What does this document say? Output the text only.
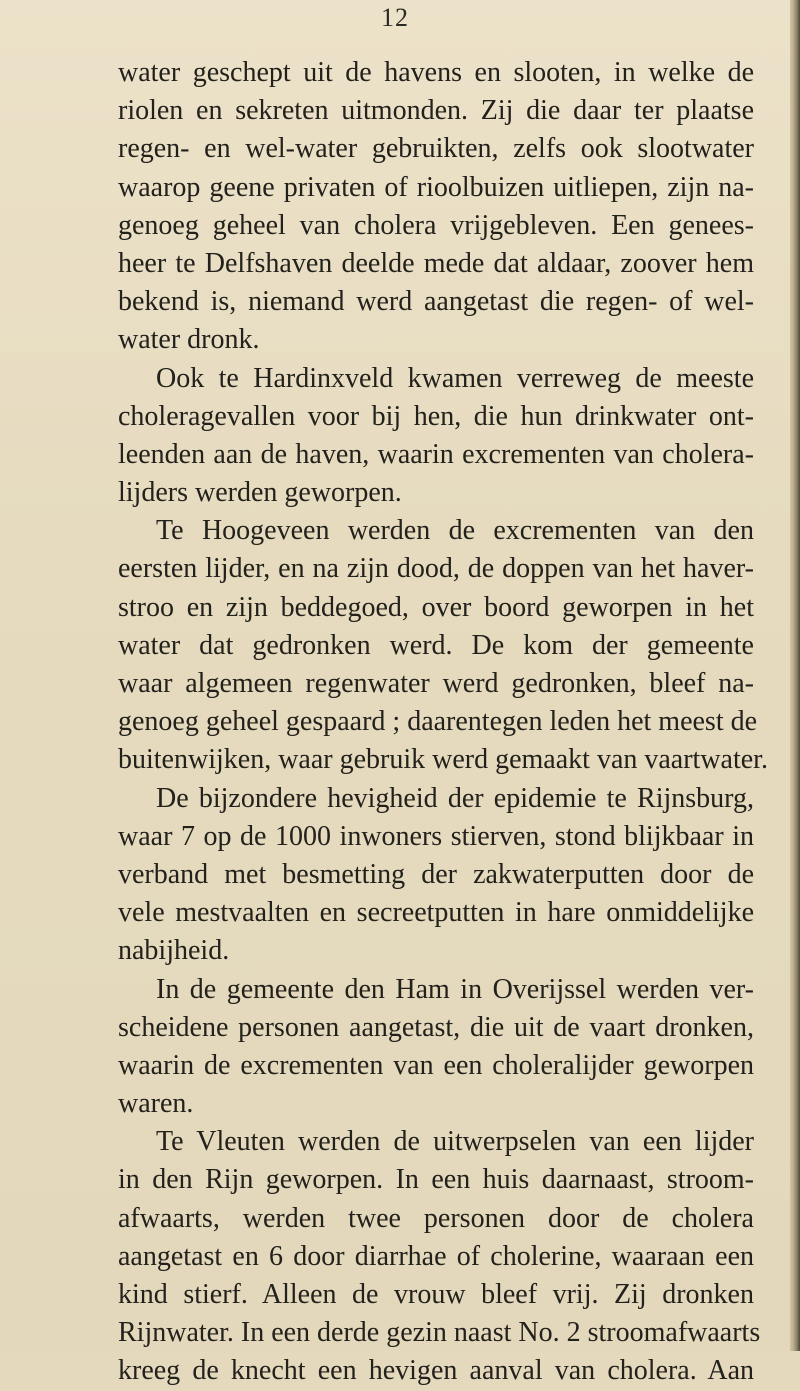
12
water geschept uit de havens en slooten, in welke de
riolen en sekreten uitmonden. Zij die daar ter plaatse
regen- en wel-water gebruikten, zelfs ook slootwater
waarop geene privaten of rioolbuizen uitliepen, zijn na-
genoeg geheel van cholera vrijgebleven. Een genees-
heer te Delfshaven deelde mede dat aldaar, zoover hem
bekend is, niemand werd aangetast die regen- of wel-
water dronk.
Ook te Hardinxveld kwamen verreweg de meeste
choleragevallen voor bij hen, die hun drinkwater ont-
leenden aan de haven, waarin excrementen van cholera-
lijders werden geworpen.
Te Hoogeveen werden de excrementen van den
eersten lijder, en na zijn dood, de doppen van het haver-
stroo en zijn beddegoed, over boord geworpen in het
water dat gedronken werd. De kom der gemeente
waar algemeen regenwater werd gedronken, bleef na-
genoeg geheel gespaard ; daarentegen leden het meest de
buitenwijken, waar gebruik werd gemaakt van vaartwater.
De bijzondere hevigheid der epidemie te Rijnsburg,
waar 7 op de 1000 inwoners stierven, stond blijkbaar in
verband met besmetting der zakwaterputten door de
vele mestvaalten en secreetputten in hare onmiddelijke
nabijheid.
In de gemeente den Ham in Overijssel werden ver-
scheidene personen aangetast, die uit de vaart dronken,
waarin de excrementen van een choleralijder geworpen
waren.
Te Vleuten werden de uitwerpselen van een lijder
in den Rijn geworpen. In een huis daarnaast, stroom-
afwaarts, werden twee personen door de cholera
aangetast en 6 door diarrhae of cholerine, waaraan een
kind stierf. Alleen de vrouw bleef vrij. Zij dronken
Rijnwater. In een derde gezin naast No. 2 stroomafwaarts
kreeg de knecht een hevigen aanval van cholera. Aan
